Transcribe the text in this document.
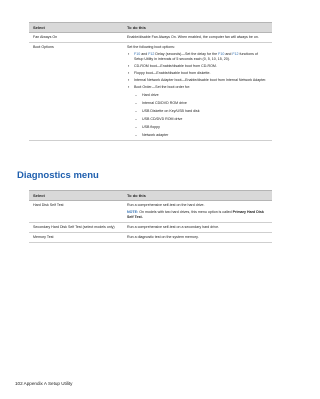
Select	To do this
Fan Always On	Enable/disable Fan Always On. When enabled, the computer fan will always be on.
Boot Options	Set the following boot options:
▪ F10 and F12 Delay (seconds)—Set the delay for the F10 and F12 functions of Setup Utility in intervals of 5 seconds each (0, 5, 10, 15, 20).
▪ CD-ROM boot—Enable/disable boot from CD-ROM.
▪ Floppy boot—Enable/disable boot from diskette.
▪ Internal Network Adapter boot—Enable/disable boot from Internal Network Adapter.
▪ Boot Order—Set the boot order for:
– Hard drive
– Internal CD/DVD ROM drive
– USB Diskette on Key/USB hard disk
– USB CD/DVD ROM drive
– USB floppy
– Network adapter
Diagnostics menu
Select	To do this
Hard Disk Self Test	Run a comprehensive self-test on the hard drive.
NOTE: On models with two hard drives, this menu option is called Primary Hard Disk Self Test.
Secondary Hard Disk Self Test (select models only)	Run a comprehensive self-test on a secondary hard drive.
Memory Test	Run a diagnostic test on the system memory.
102 Appendix A Setup Utility
